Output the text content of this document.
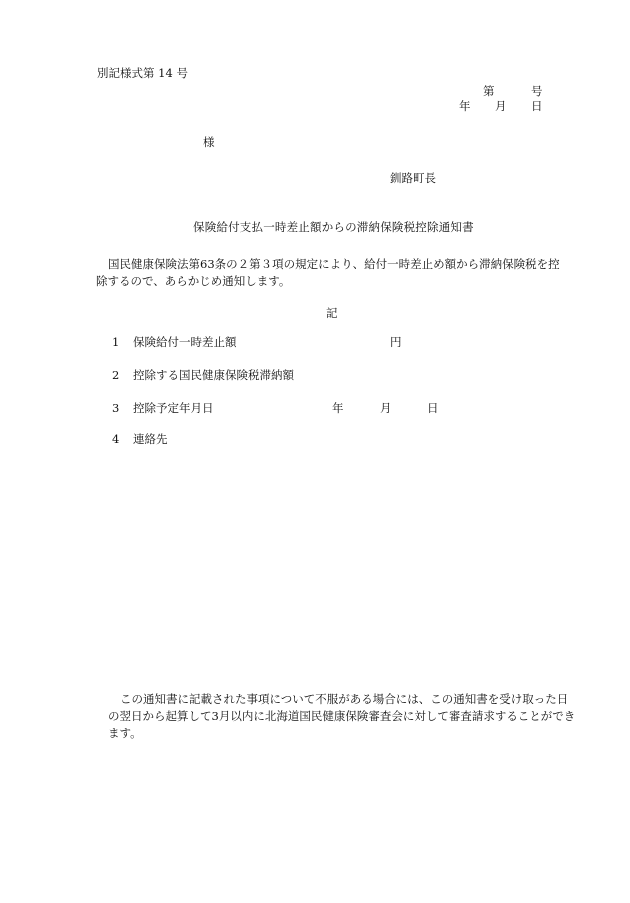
別記様式第 14 号
第	号
年 月 日
様
釧路町長
保険給付支払一時差止額からの滞納保険税控除通知書
国民健康保険法第63条の２第３項の規定により、給付一時差止め額から滞納保険税を控除するので、あらかじめ通知します。
記
1 保険給付一時差止額	円
2 控除する国民健康保険税滞納額
3 控除予定年月日	年	月	日
4 連絡先
この通知書に記載された事項について不服がある場合には、この通知書を受け取った日の翌日から起算して3月以内に北海道国民健康保険審査会に対して審査請求することができます。
